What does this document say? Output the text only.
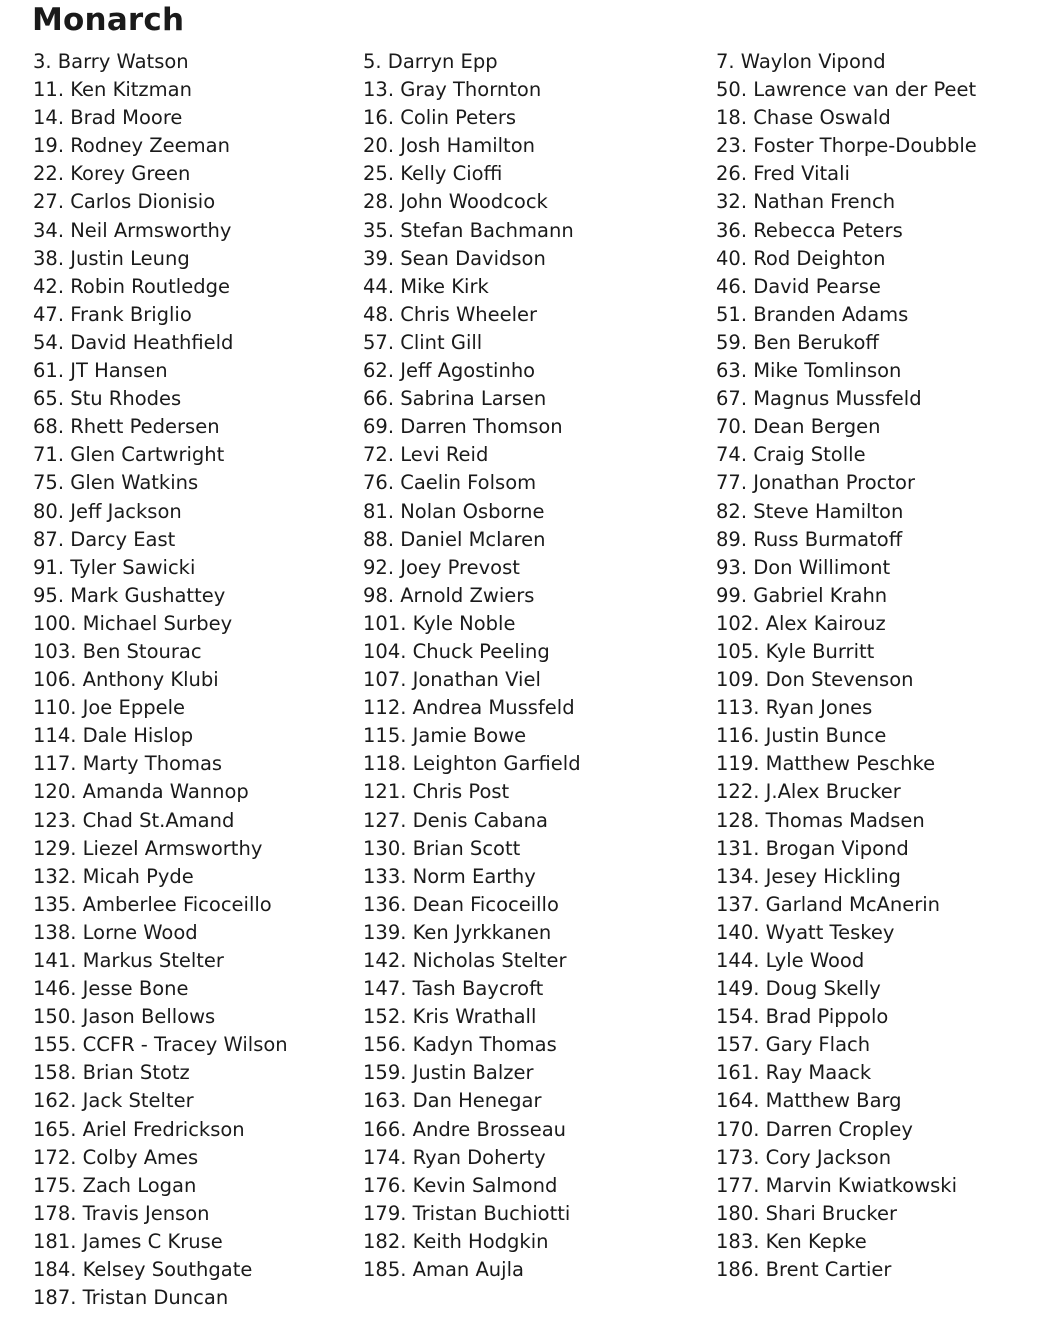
Monarch
3. Barry Watson
11. Ken Kitzman
14. Brad Moore
19. Rodney Zeeman
22. Korey Green
27. Carlos Dionisio
34. Neil Armsworthy
38. Justin Leung
42. Robin Routledge
47. Frank Briglio
54. David Heathfield
61. JT Hansen
65. Stu Rhodes
68. Rhett Pedersen
71. Glen Cartwright
75. Glen Watkins
80. Jeff Jackson
87. Darcy East
91. Tyler Sawicki
95. Mark Gushattey
100. Michael Surbey
103. Ben Stourac
106. Anthony Klubi
110. Joe Eppele
114. Dale Hislop
117. Marty Thomas
120. Amanda Wannop
123. Chad St.Amand
129. Liezel Armsworthy
132. Micah Pyde
135. Amberlee Ficoceillo
138. Lorne Wood
141. Markus Stelter
146. Jesse Bone
150. Jason Bellows
155. CCFR - Tracey Wilson
158. Brian Stotz
162. Jack Stelter
165. Ariel Fredrickson
172. Colby Ames
175. Zach Logan
178. Travis Jenson
181. James C Kruse
184. Kelsey Southgate
187. Tristan Duncan
5. Darryn Epp
13. Gray Thornton
16. Colin Peters
20. Josh Hamilton
25. Kelly Cioffi
28. John Woodcock
35. Stefan Bachmann
39. Sean Davidson
44. Mike Kirk
48. Chris Wheeler
57. Clint Gill
62. Jeff Agostinho
66. Sabrina Larsen
69. Darren Thomson
72. Levi Reid
76. Caelin Folsom
81. Nolan Osborne
88. Daniel Mclaren
92. Joey Prevost
98. Arnold Zwiers
101. Kyle Noble
104. Chuck Peeling
107. Jonathan Viel
112. Andrea Mussfeld
115. Jamie Bowe
118. Leighton Garfield
121. Chris Post
127. Denis Cabana
130. Brian Scott
133. Norm Earthy
136. Dean Ficoceillo
139. Ken Jyrkkanen
142. Nicholas Stelter
147. Tash Baycroft
152. Kris Wrathall
156. Kadyn Thomas
159. Justin Balzer
163. Dan Henegar
166. Andre Brosseau
174. Ryan Doherty
176. Kevin Salmond
179. Tristan Buchiotti
182. Keith Hodgkin
185. Aman Aujla
7. Waylon Vipond
50. Lawrence van der Peet
18. Chase Oswald
23. Foster Thorpe-Doubble
26. Fred Vitali
32. Nathan French
36. Rebecca Peters
40. Rod Deighton
46. David Pearse
51. Branden Adams
59. Ben Berukoff
63. Mike Tomlinson
67. Magnus Mussfeld
70. Dean Bergen
74. Craig Stolle
77. Jonathan Proctor
82. Steve Hamilton
89. Russ Burmatoff
93. Don Willimont
99. Gabriel Krahn
102. Alex Kairouz
105. Kyle Burritt
109. Don Stevenson
113. Ryan Jones
116. Justin Bunce
119. Matthew Peschke
122. J.Alex Brucker
128. Thomas Madsen
131. Brogan Vipond
134. Jesey Hickling
137. Garland McAnerin
140. Wyatt Teskey
144. Lyle Wood
149. Doug Skelly
154. Brad Pippolo
157. Gary Flach
161. Ray Maack
164. Matthew Barg
170. Darren Cropley
173. Cory Jackson
177. Marvin Kwiatkowski
180. Shari Brucker
183. Ken Kepke
186. Brent Cartier
